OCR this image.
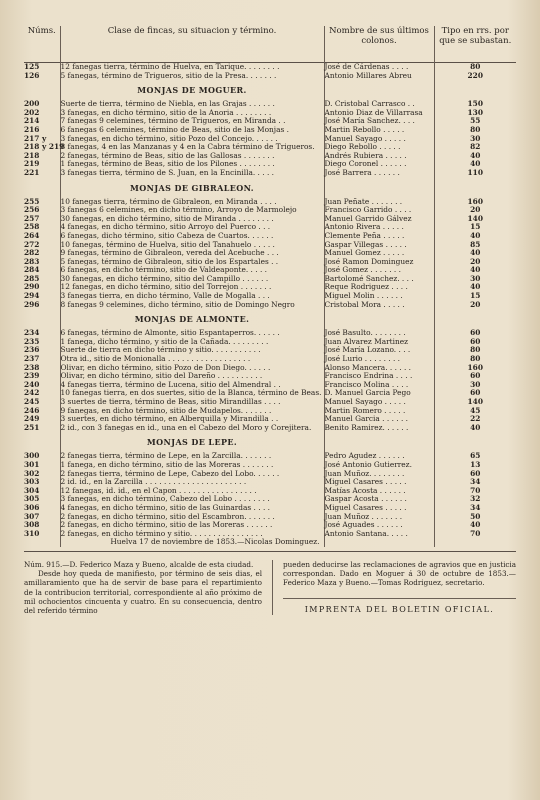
Núms.	Clase de fincas, su situacion y término.	Nombre de sus últimos colonos.	Tipo en rrs. por que se subastan.
125	12 fanegas tierra, término de Huelva, en Tarique. . . . . . . .	José de Cárdenas . . . .	80
126	5 fanegas, término de Trigueros, sitio de la Presa. . . . . . .	Antonio Millares Abreu	220
	MONJAS DE MOGUER.		
200	Suerte de tierra, término de Niebla, en las Grajas . . . . . .	D. Cristobal Carrasco . .	150
202	3 fanegas, en dicho término, sitio de la Anoria . . . . . . . .	Antonio Diaz de Villarrasa	130
214	7 fanegas 9 celemines, término de Trigueros, en Miranda . .	José María Sanchez. . . .	55
216	6 fanegas 6 celemines, término de Beas, sitio de las Monjas .	Martin Rebollo . . . . .	80
217 y	3 fanegas, en dicho término, sitio Pozo del Concejo. . . . . .	Manuel Sayago . . . . .	30
218 y 219	8 fanegas, 4 en las Manzanas y 4 en la Cabra término de Trigueros.	Diego Rebollo . . . . .	82
218	2 fanegas, término de Beas, sitio de las Gallosas . . . . . . .	Andrés Rubiera . . . . .	40
219	1 fanegas, término de Beas, sitio de los Pilones . . . . . . . .	Diego Coronel . . . . . .	40
221	3 fanegas tierra, término de S. Juan, en la Encinilla. . . . .	José Barrera . . . . . .	110
	MONJAS DE GIBRALEON.		
255	10 fanegas tierra, término de Gibraleon, en Miranda . . . .	Juan Peñate . . . . . . .	160
256	3 fanegas 6 celemines, en dicho término, Arroyo de Marmolejo	Francisco Garrido . . . .	20
257	30 fanegas, en dicho término, sitio de Miranda . . . . . . . .	Manuel Garrido Gálvez	140
258	4 fanegas, en dicho término, sitio Arroyo del Puerco . . .	Antonio Rivera . . . . .	15
264	6 fanegas, dicho término, sitio Cabeza de Cuartos. . . . . .	Clemente Peña . . . . .	40
272	10 fanegas, término de Huelva, sitio del Tanahuelo . . . . .	Gaspar Villegas . . . . .	85
282	9 fanegas, término de Gibraleon, vereda del Acebuche . . .	Manuel Gomez . . . . .	40
283	5 fanegas, término de Gibraleon, sitio de los Espartales . .	José Ramon Dominguez	20
284	6 fanegas, en dicho término, sitio de Valdeaponte. . . . .	José Gomez . . . . . . .	40
285	30 fanegas, en dicho término, sitio del Campillo . . . . . .	Bartolomé Sanchez. . . .	30
290	12 fanegas, en dicho término, sitio del Torrejon . . . . . . .	Reque Rodriguez . . . .	40
294	3 fanegas tierra, en dicho término, Valle de Mogalla . . .	Miguel Molin . . . . . .	15
296	8 fanegas 9 celemines, dicho término, sitio de Domingo Negro	Cristobal Mora . . . . .	20
	MONJAS DE ALMONTE.		
234	6 fanegas, término de Almonte, sitio Espantaperros. . . . . .	José Basulto. . . . . . . .	60
235	1 fanega, dicho término, y sitio de la Cañada. . . . . . . . .	Juan Alvarez Martinez	60
236	Suerte de tierra en dicho término y sitio. . . . . . . . . . .	José María Lozano. . . .	80
237	Otra id., sitio de Monionalla . . . . . . . . . . . . . . . . . .	José Lurio . . . . . . . .	80
238	Olivar, en dicho término, sitio Pozo de Don Diego. . . . . .	Alonso Mancera. . . . . .	160
239	Olivar, en dicho término, sitio del Dareño . . . . . . . . . .	Francisco Endrina . . . .	60
240	4 fanegas tierra, término de Lucena, sitio del Almendral . .	Francisco Molina . . . .	30
242	10 fanegas tierra, en dos suertes, sitio de la Blanca, término de Beas.	D. Manuel Garcia Pego	60
245	3 suertes de tierra, término de Beas, sitio Mirandillas . . . .	Manuel Sayago . . . . .	140
246	9 fanegas, en dicho término, sitio de Mudapelos. . . . . . .	Martin Romero . . . . .	45
249	3 suertes, en dicho término, en Alberquilla y Mirandilla . .	Manuel Garcia . . . . . .	22
251	2 id., con 3 fanegas en id., una en el Cabezo del Moro y Corejitera.	Benito Ramirez. . . . . .	40
	MONJAS DE LEPE.		
300	2 fanegas tierra, término de Lepe, en la Zarcilla. . . . . . .	Pedro Agudez . . . . . .	65
301	1 fanega, en dicho término, sitio de las Moreras . . . . . . .	José Antonio Gutierrez.	13
302	2 fanegas tierra, término de Lepe, Cabezo del Lobo. . . . . .	Juan Muñoz. . . . . . . .	60
303	2 id. id., en la Zarcilla . . . . . . . . . . . . . . . . . . . . . .	Miguel Casares . . . . .	34
304	12 fanegas, id. id., en el Capon . . . . . . . . . . . . . . . . .	Matías Acosta . . . . . .	70
305	3 fanegas, en dicho término, Cabezo del Lobo . . . . . . . .	Gaspar Acosta . . . . . .	32
306	4 fanegas, en dicho término, sitio de las Guinardas . . . .	Miguel Casares . . . . .	34
307	2 fanegas, en dicho término, sitio del Escambron. . . . . . .	Juan Muñoz . . . . . . .	50
308	2 fanegas, en dicho término, sitio de las Moreras . . . . . .	José Aguades . . . . . .	40
310	2 fanegas, en dicho término y sitio. . . . . . . . . . . . . . . .	Antonio Santana. . . . .	70
	Huelva 17 de noviembre de 1853.—Nicolas Dominguez.		

Núm. 915.—D. Federico Maza y Bueno, alcalde de esta ciudad.

Desde hoy queda de manifiesto, por término de seis dias, el amillaramiento que ha de servir de base para el repartimiento de la contribucion territorial, correspondiente al año próximo de mil ochocientos cincuenta y cuatro. En su consecuencia, dentro del referido término

pueden deducirse las reclamaciones de agravios que en justicia correspondan. Dado en Moguer á 30 de octubre de 1853.—Federico Maza y Bueno.—Tomas Rodriguez, secretario.

IMPRENTA DEL BOLETIN OFICIAL.
